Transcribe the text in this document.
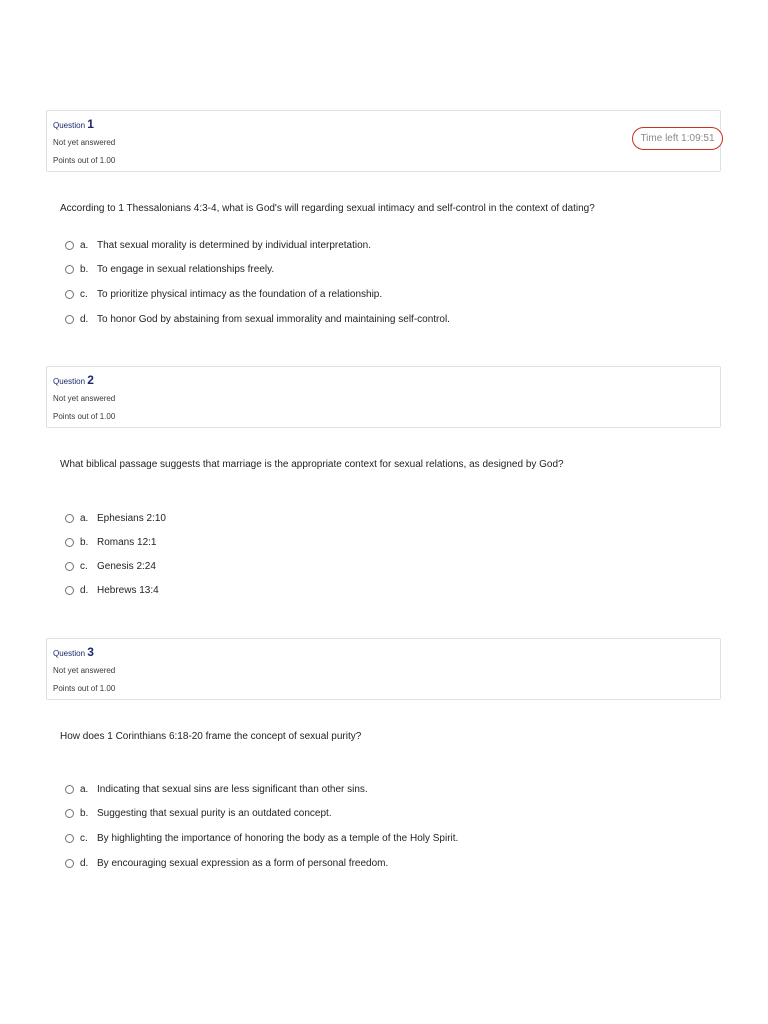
Question 1
Not yet answered
Points out of 1.00
Time left 1:09:51
According to 1 Thessalonians 4:3-4, what is God's will regarding sexual intimacy and self-control in the context of dating?
a. That sexual morality is determined by individual interpretation.
b. To engage in sexual relationships freely.
c. To prioritize physical intimacy as the foundation of a relationship.
d. To honor God by abstaining from sexual immorality and maintaining self-control.
Question 2
Not yet answered
Points out of 1.00
What biblical passage suggests that marriage is the appropriate context for sexual relations, as designed by God?
a. Ephesians 2:10
b. Romans 12:1
c. Genesis 2:24
d. Hebrews 13:4
Question 3
Not yet answered
Points out of 1.00
How does 1 Corinthians 6:18-20 frame the concept of sexual purity?
a. Indicating that sexual sins are less significant than other sins.
b. Suggesting that sexual purity is an outdated concept.
c. By highlighting the importance of honoring the body as a temple of the Holy Spirit.
d. By encouraging sexual expression as a form of personal freedom.
